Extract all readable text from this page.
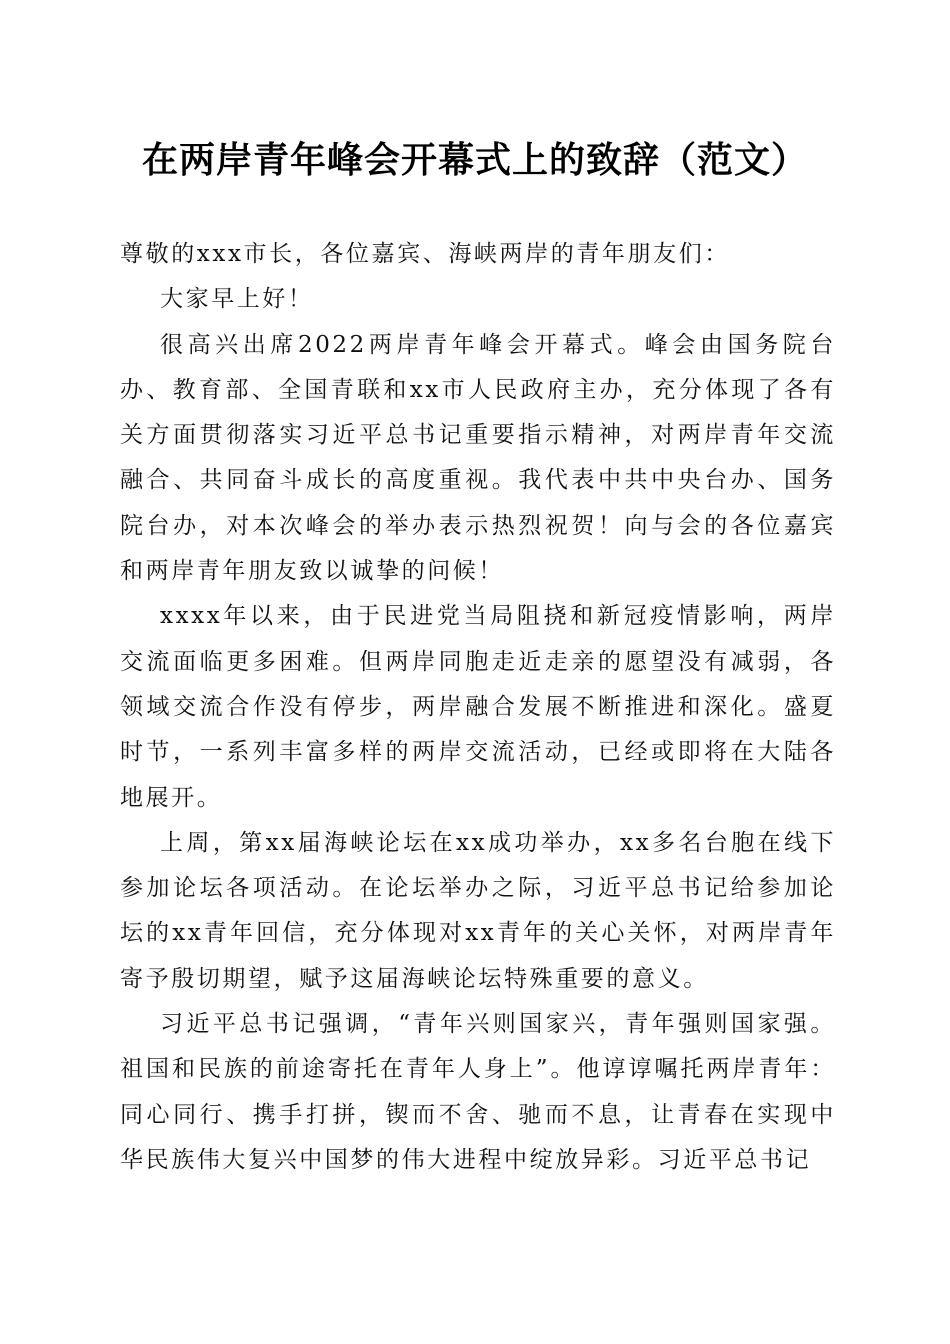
在两岸青年峰会开幕式上的致辞（范文）

尊敬的xxx市长，各位嘉宾、海峡两岸的青年朋友们：

大家早上好！

很高兴出席2022两岸青年峰会开幕式。峰会由国务院台办、教育部、全国青联和xx市人民政府主办，充分体现了各有关方面贯彻落实习近平总书记重要指示精神，对两岸青年交流融合、共同奋斗成长的高度重视。我代表中共中央台办、国务院台办，对本次峰会的举办表示热烈祝贺！向与会的各位嘉宾和两岸青年朋友致以诚挚的问候！

xxxx年以来，由于民进党当局阻挠和新冠疫情影响，两岸交流面临更多困难。但两岸同胞走近走亲的愿望没有减弱，各领域交流合作没有停步，两岸融合发展不断推进和深化。盛夏时节，一系列丰富多样的两岸交流活动，已经或即将在大陆各地展开。

上周，第xx届海峡论坛在xx成功举办，xx多名台胞在线下参加论坛各项活动。在论坛举办之际，习近平总书记给参加论坛的xx青年回信，充分体现对xx青年的关心关怀，对两岸青年寄予殷切期望，赋予这届海峡论坛特殊重要的意义。

习近平总书记强调，“青年兴则国家兴，青年强则国家强。祖国和民族的前途寄托在青年人身上”。他谆谆嘱托两岸青年：同心同行、携手打拼，锲而不舍、驰而不息，让青春在实现中华民族伟大复兴中国梦的伟大进程中绽放异彩。习近平总书记
